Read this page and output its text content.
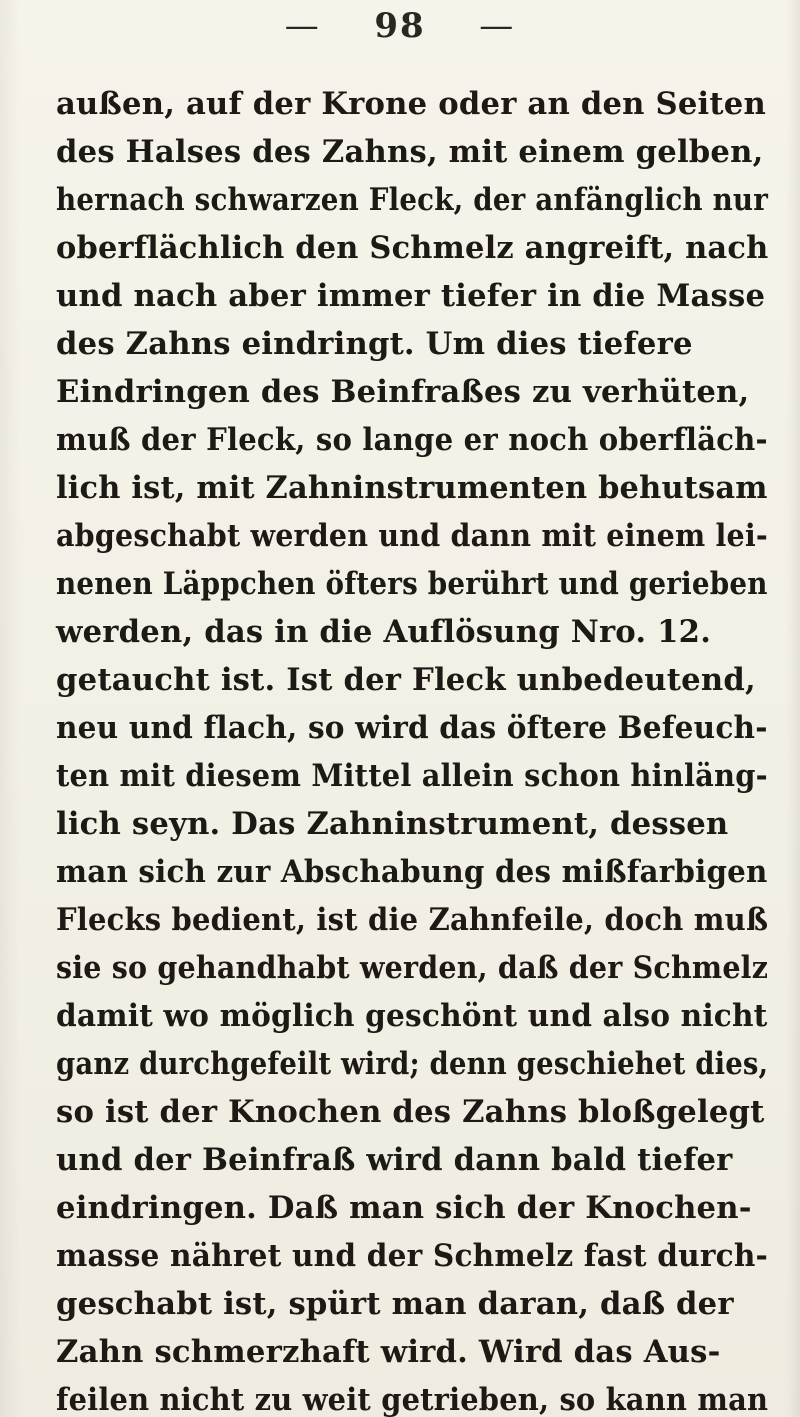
— 98 —
außen, auf der Krone oder an den Seiten
des Halses des Zahns, mit einem gelben,
hernach schwarzen Fleck, der anfänglich nur
oberflächlich den Schmelz angreift, nach
und nach aber immer tiefer in die Masse
des Zahns eindringt. Um dies tiefere
Eindringen des Beinfraßes zu verhüten,
muß der Fleck, so lange er noch oberfläch-
lich ist, mit Zahninstrumenten behutsam
abgeschabt werden und dann mit einem lei-
nenen Läppchen öfters berührt und gerieben
werden, das in die Auflösung Nro. 12.
getaucht ist. Ist der Fleck unbedeutend,
neu und flach, so wird das öftere Befeuch-
ten mit diesem Mittel allein schon hinläng-
lich seyn. Das Zahninstrument, dessen
man sich zur Abschabung des mißfarbigen
Flecks bedient, ist die Zahnfeile, doch muß
sie so gehandhabt werden, daß der Schmelz
damit wo möglich geschönt und also nicht
ganz durchgefeilt wird; denn geschiehet dies,
so ist der Knochen des Zahns bloßgelegt
und der Beinfraß wird dann bald tiefer
eindringen. Daß man sich der Knochen-
masse nähret und der Schmelz fast durch-
geschabt ist, spürt man daran, daß der
Zahn schmerzhaft wird. Wird das Aus-
feilen nicht zu weit getrieben, so kann man
